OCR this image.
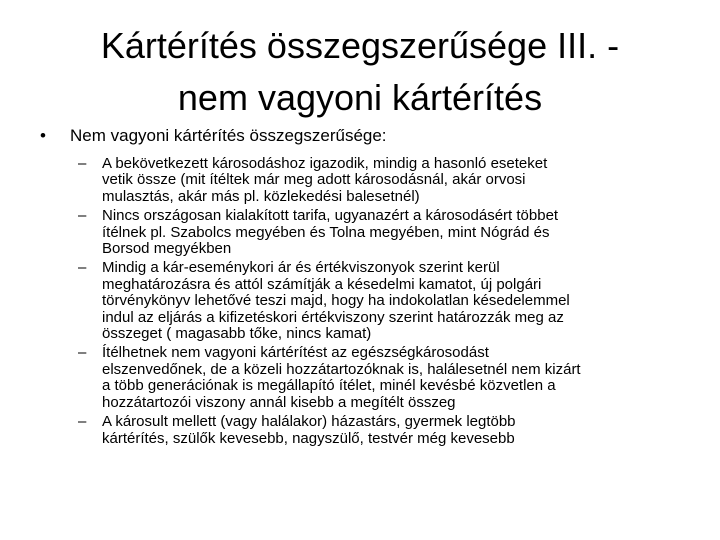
Kártérítés összegszerűsége III. -
nem vagyoni kártérítés
• Nem vagyoni kártérítés összegszerűsége:
– A bekövetkezett károsodáshoz igazodik, mindig a hasonló eseteket
vetik össze (mit ítéltek már meg adott károsodásnál, akár orvosi
mulasztás, akár más pl. közlekedési balesetnél)
– Nincs országosan kialakított tarifa, ugyanazért a károsodásért többet
ítélnek pl. Szabolcs megyében és Tolna megyében, mint Nógrád és
Borsod megyékben
– Mindig a kár-eseménykori ár és értékviszonyok szerint kerül
meghatározásra és attól számítják a késedelmi kamatot, új polgári
törvénykönyv lehetővé teszi majd, hogy ha indokolatlan késedelemmel
indul az eljárás a kifizetéskori értékviszony szerint határozzák meg az
összeget ( magasabb tőke, nincs kamat)
– Ítélhetnek nem vagyoni kártérítést az egészségkárosodást
elszenvedőnek, de a közeli hozzátartozóknak is, halálesetnél nem kizárt
a több generációnak is megállapító ítélet, minél kevésbé közvetlen a
hozzátartozói viszony annál kisebb a megítélt összeg
– A károsult mellett (vagy halálakor) házastárs, gyermek legtöbb
kártérítés, szülők kevesebb, nagyszülő, testvér még kevesebb
